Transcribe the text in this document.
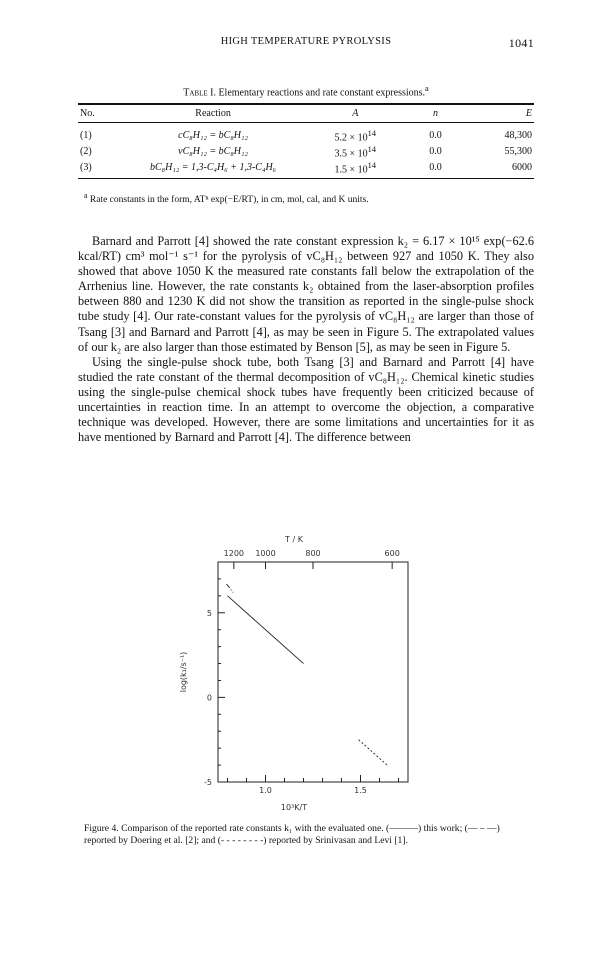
HIGH TEMPERATURE PYROLYSIS	1041
Table I. Elementary reactions and rate constant expressions.$^a$
No.	Reaction	A	n	E
(1)	cC₈H₁₂ = bC₈H₁₂	$5.2 \times 10^{14}$	0.0	48,300
(2)	vC₈H₁₂ = bC₈H₁₂	$3.5 \times 10^{14}$	0.0	55,300
(3)	bC₈H₁₂ = 1,3-C₄H₆ + 1,3-C₄H₆	$1.5 \times 10^{14}$	0.0	6000
$^a$ Rate constants in the form, ATⁿ exp(−E/RT), in cm, mol, cal, and K units.

Barnard and Parrott [4] showed the rate constant expression k₂ = 6.17 × 10¹⁵ exp(−62.6 kcal/RT) cm³ mol⁻¹ s⁻¹ for the pyrolysis of vC₈H₁₂ between 927 and 1050 K. They also showed that above 1050 K the measured rate constants fall below the extrapolation of the Arrhenius line. However, the rate constants k₂ obtained from the laser-absorption profiles between 880 and 1230 K did not show the transition as reported in the single-pulse shock tube study [4]. Our rate-constant values for the pyrolysis of vC₈H₁₂ are larger than those of Tsang [3] and Barnard and Parrott [4], as may be seen in Figure 5. The extrapolated values of our k₂ are also larger than those estimated by Benson [5], as may be seen in Figure 5.

Using the single-pulse shock tube, both Tsang [3] and Barnard and Parrott [4] have studied the rate constant of the thermal decomposition of vC₈H₁₂. Chemical kinetic studies using the single-pulse chemical shock tubes have frequently been criticized because of uncertainties in reaction time. In an attempt to overcome the objection, a comparative technique was developed. However, there are some limitations and uncertainties for it as have mentioned by Barnard and Parrott [4]. The difference between

T / K
1200 1000	800	600
1.0	1.5
-5
0
5
log(k₁/s⁻¹)
10³K/T
Figure 4. Comparison of the reported rate constants k₁ with the evaluated one. (———) this work; (— – —) reported by Doering et al. [2]; and (- - - - - - - -) reported by Srinivasan and Levi [1].
